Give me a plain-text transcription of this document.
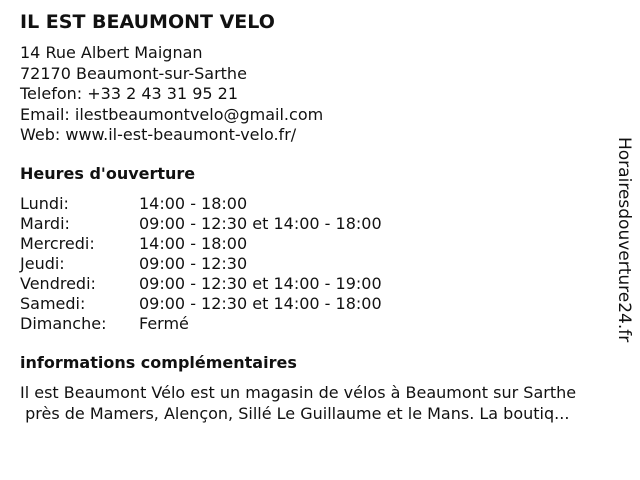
IL EST BEAUMONT VELO
14 Rue Albert Maignan
72170 Beaumont-sur-Sarthe
Telefon: +33 2 43 31 95 21
Email: ilestbeaumontvelo@gmail.com
Web: www.il-est-beaumont-velo.fr/
Heures d'ouverture
Lundi:	14:00 - 18:00
Mardi:	09:00 - 12:30 et 14:00 - 18:00
Mercredi:	14:00 - 18:00
Jeudi:	09:00 - 12:30
Vendredi:	09:00 - 12:30 et 14:00 - 19:00
Samedi:	09:00 - 12:30 et 14:00 - 18:00
Dimanche: Fermé
informations complémentaires
Il est Beaumont Vélo est un magasin de vélos à Beaumont sur Sarthe
près de Mamers, Alençon, Sillé Le Guillaume et le Mans. La boutiq...
Horairesdouverture24.fr
